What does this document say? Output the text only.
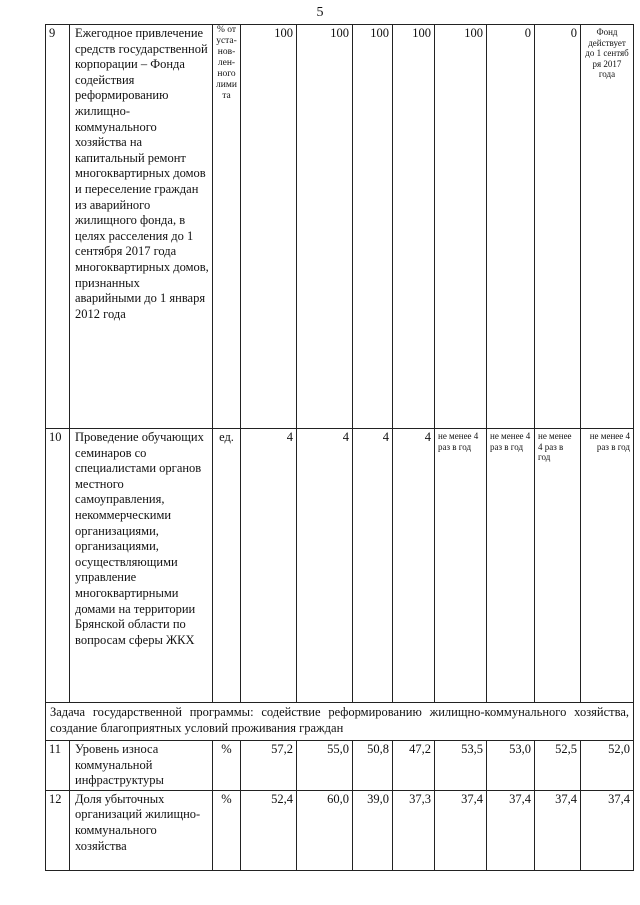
5
9	Ежегодное привлечение средств государственной корпорации – Фонда содействия реформированию жилищно-коммунального хозяйства на капитальный ремонт многоквартирных домов и переселение граждан из аварийного жилищного фонда, в целях расселения до 1 сентября 2017 года многоквартирных домов, признанных аварийными до 1 января 2012 года	% от уста-нов-лен-ного лими та	100	100	100	100	100	0	0	Фонд действует до 1 сентяб ря 2017 года
10	Проведение обучающих семинаров со специалистами органов местного самоуправления, некоммерческими организациями, организациями, осуществляющими управление многоквартирными домами на территории Брянской области по вопросам сферы ЖКХ	ед.	4	4	4	4	не менее 4 раз в год	не менее 4 раз в год	не менее 4 раз в год	не менее 4 раз в год
Задача государственной программы: содействие реформированию жилищно-коммунального хозяйства, создание благоприятных условий проживания граждан										
11	Уровень износа коммунальной инфраструктуры	%	57,2	55,0	50,8	47,2	53,5	53,0	52,5	52,0
12	Доля убыточных организаций жилищно-коммунального хозяйства	%	52,4	60,0	39,0	37,3	37,4	37,4	37,4	37,4
